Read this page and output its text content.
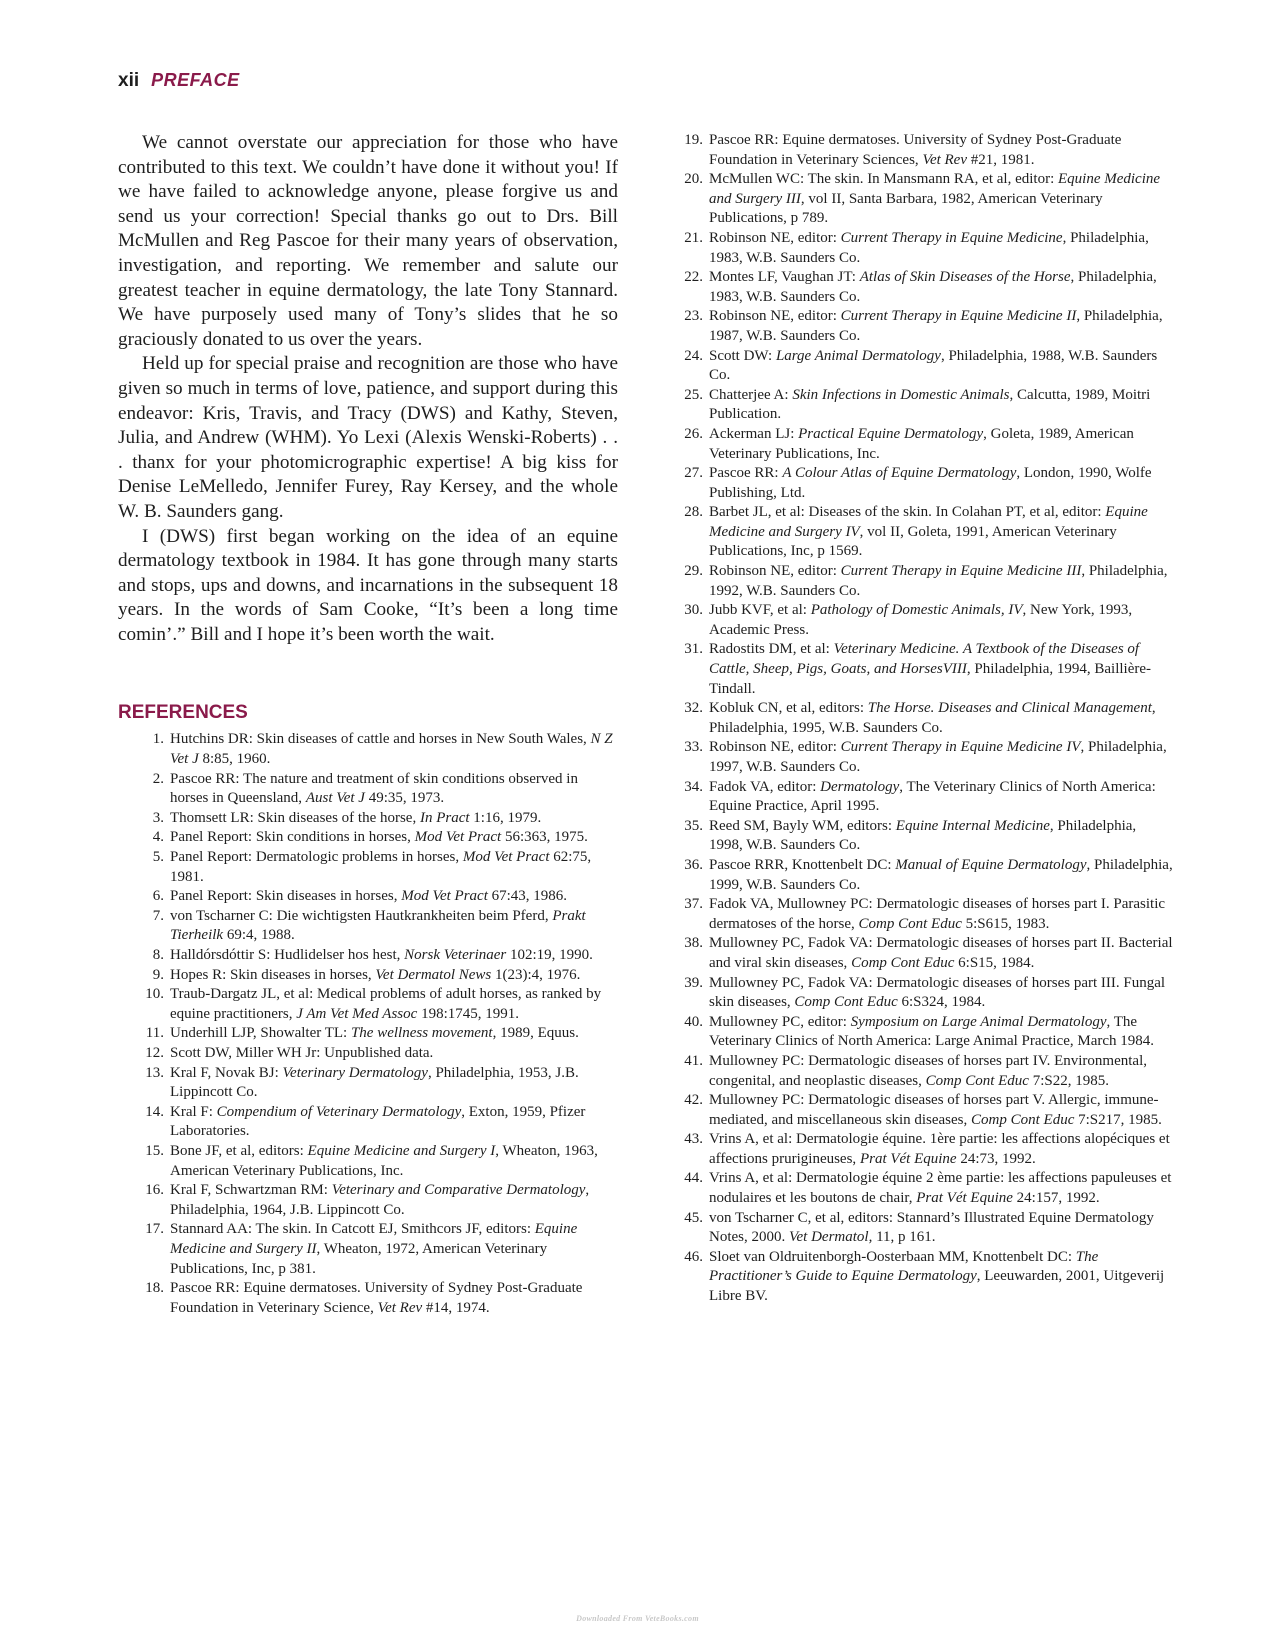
xii PREFACE

We cannot overstate our appreciation for those who have contributed to this text. We couldn’t have done it without you! If we have failed to acknowledge anyone, please forgive us and send us your correction! Special thanks go out to Drs. Bill McMullen and Reg Pascoe for their many years of observation, investigation, and reporting. We remember and salute our greatest teacher in equine dermatology, the late Tony Stannard. We have purposely used many of Tony’s slides that he so graciously donated to us over the years.

Held up for special praise and recognition are those who have given so much in terms of love, patience, and support during this endeavor: Kris, Travis, and Tracy (DWS) and Kathy, Steven, Julia, and Andrew (WHM). Yo Lexi (Alexis Wenski-Roberts) . . . thanx for your photomicrographic expertise! A big kiss for Denise LeMelledo, Jennifer Furey, Ray Kersey, and the whole W. B. Saunders gang.

I (DWS) first began working on the idea of an equine dermatology textbook in 1984. It has gone through many starts and stops, ups and downs, and incarnations in the subsequent 18 years. In the words of Sam Cooke, “It’s been a long time comin’.” Bill and I hope it’s been worth the wait.

REFERENCES
1. Hutchins DR: Skin diseases of cattle and horses in New South Wales, N Z Vet J 8:85, 1960.
2. Pascoe RR: The nature and treatment of skin conditions observed in horses in Queensland, Aust Vet J 49:35, 1973.
3. Thomsett LR: Skin diseases of the horse, In Pract 1:16, 1979.
4. Panel Report: Skin conditions in horses, Mod Vet Pract 56:363, 1975.
5. Panel Report: Dermatologic problems in horses, Mod Vet Pract 62:75, 1981.
6. Panel Report: Skin diseases in horses, Mod Vet Pract 67:43, 1986.
7. von Tscharner C: Die wichtigsten Hautkrankheiten beim Pferd, Prakt Tierheilk 69:4, 1988.
8. Halldórsdóttir S: Hudlidelser hos hest, Norsk Veterinaer 102:19, 1990.
9. Hopes R: Skin diseases in horses, Vet Dermatol News 1(23):4, 1976.
10. Traub-Dargatz JL, et al: Medical problems of adult horses, as ranked by equine practitioners, J Am Vet Med Assoc 198:1745, 1991.
11. Underhill LJP, Showalter TL: The wellness movement, 1989, Equus.
12. Scott DW, Miller WH Jr: Unpublished data.
13. Kral F, Novak BJ: Veterinary Dermatology, Philadelphia, 1953, J.B. Lippincott Co.
14. Kral F: Compendium of Veterinary Dermatology, Exton, 1959, Pfizer Laboratories.
15. Bone JF, et al, editors: Equine Medicine and Surgery I, Wheaton, 1963, American Veterinary Publications, Inc.
16. Kral F, Schwartzman RM: Veterinary and Comparative Dermatology, Philadelphia, 1964, J.B. Lippincott Co.
17. Stannard AA: The skin. In Catcott EJ, Smithcors JF, editors: Equine Medicine and Surgery II, Wheaton, 1972, American Veterinary Publications, Inc, p 381.
18. Pascoe RR: Equine dermatoses. University of Sydney Post-Graduate Foundation in Veterinary Science, Vet Rev #14, 1974.
19. Pascoe RR: Equine dermatoses. University of Sydney Post-Graduate Foundation in Veterinary Sciences, Vet Rev #21, 1981.
20. McMullen WC: The skin. In Mansmann RA, et al, editor: Equine Medicine and Surgery III, vol II, Santa Barbara, 1982, American Veterinary Publications, p 789.
21. Robinson NE, editor: Current Therapy in Equine Medicine, Philadelphia, 1983, W.B. Saunders Co.
22. Montes LF, Vaughan JT: Atlas of Skin Diseases of the Horse, Philadelphia, 1983, W.B. Saunders Co.
23. Robinson NE, editor: Current Therapy in Equine Medicine II, Philadelphia, 1987, W.B. Saunders Co.
24. Scott DW: Large Animal Dermatology, Philadelphia, 1988, W.B. Saunders Co.
25. Chatterjee A: Skin Infections in Domestic Animals, Calcutta, 1989, Moitri Publication.
26. Ackerman LJ: Practical Equine Dermatology, Goleta, 1989, American Veterinary Publications, Inc.
27. Pascoe RR: A Colour Atlas of Equine Dermatology, London, 1990, Wolfe Publishing, Ltd.
28. Barbet JL, et al: Diseases of the skin. In Colahan PT, et al, editor: Equine Medicine and Surgery IV, vol II, Goleta, 1991, American Veterinary Publications, Inc, p 1569.
29. Robinson NE, editor: Current Therapy in Equine Medicine III, Philadelphia, 1992, W.B. Saunders Co.
30. Jubb KVF, et al: Pathology of Domestic Animals, IV, New York, 1993, Academic Press.
31. Radostits DM, et al: Veterinary Medicine. A Textbook of the Diseases of Cattle, Sheep, Pigs, Goats, and HorsesVIII, Philadelphia, 1994, Baillière-Tindall.
32. Kobluk CN, et al, editors: The Horse. Diseases and Clinical Management, Philadelphia, 1995, W.B. Saunders Co.
33. Robinson NE, editor: Current Therapy in Equine Medicine IV, Philadelphia, 1997, W.B. Saunders Co.
34. Fadok VA, editor: Dermatology, The Veterinary Clinics of North America: Equine Practice, April 1995.
35. Reed SM, Bayly WM, editors: Equine Internal Medicine, Philadelphia, 1998, W.B. Saunders Co.
36. Pascoe RRR, Knottenbelt DC: Manual of Equine Dermatology, Philadelphia, 1999, W.B. Saunders Co.
37. Fadok VA, Mullowney PC: Dermatologic diseases of horses part I. Parasitic dermatoses of the horse, Comp Cont Educ 5:S615, 1983.
38. Mullowney PC, Fadok VA: Dermatologic diseases of horses part II. Bacterial and viral skin diseases, Comp Cont Educ 6:S15, 1984.
39. Mullowney PC, Fadok VA: Dermatologic diseases of horses part III. Fungal skin diseases, Comp Cont Educ 6:S324, 1984.
40. Mullowney PC, editor: Symposium on Large Animal Dermatology, The Veterinary Clinics of North America: Large Animal Practice, March 1984.
41. Mullowney PC: Dermatologic diseases of horses part IV. Environmental, congenital, and neoplastic diseases, Comp Cont Educ 7:S22, 1985.
42. Mullowney PC: Dermatologic diseases of horses part V. Allergic, immune-mediated, and miscellaneous skin diseases, Comp Cont Educ 7:S217, 1985.
43. Vrins A, et al: Dermatologie équine. 1ère partie: les affections alopéciques et affections prurigineuses, Prat Vét Equine 24:73, 1992.
44. Vrins A, et al: Dermatologie équine 2 ème partie: les affections papuleuses et nodulaires et les boutons de chair, Prat Vét Equine 24:157, 1992.
45. von Tscharner C, et al, editors: Stannard’s Illustrated Equine Dermatology Notes, 2000. Vet Dermatol, 11, p 161.
46. Sloet van Oldruitenborgh-Oosterbaan MM, Knottenbelt DC: The Practitioner’s Guide to Equine Dermatology, Leeuwarden, 2001, Uitgeverij Libre BV.
Downloaded From VeteBooks.com
